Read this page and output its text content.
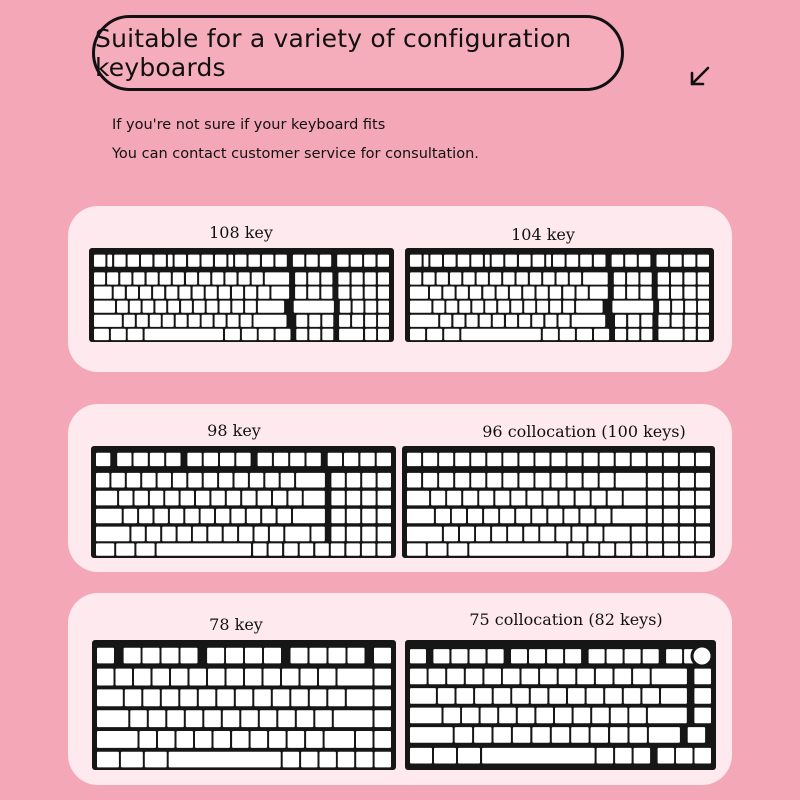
Suitable for a variety of configuration keyboards
If you're not sure if your keyboard fits
You can contact customer service for consultation.
108 key	104 key
98 key	96 collocation (100 keys)
78 key	75 collocation (82 keys)
